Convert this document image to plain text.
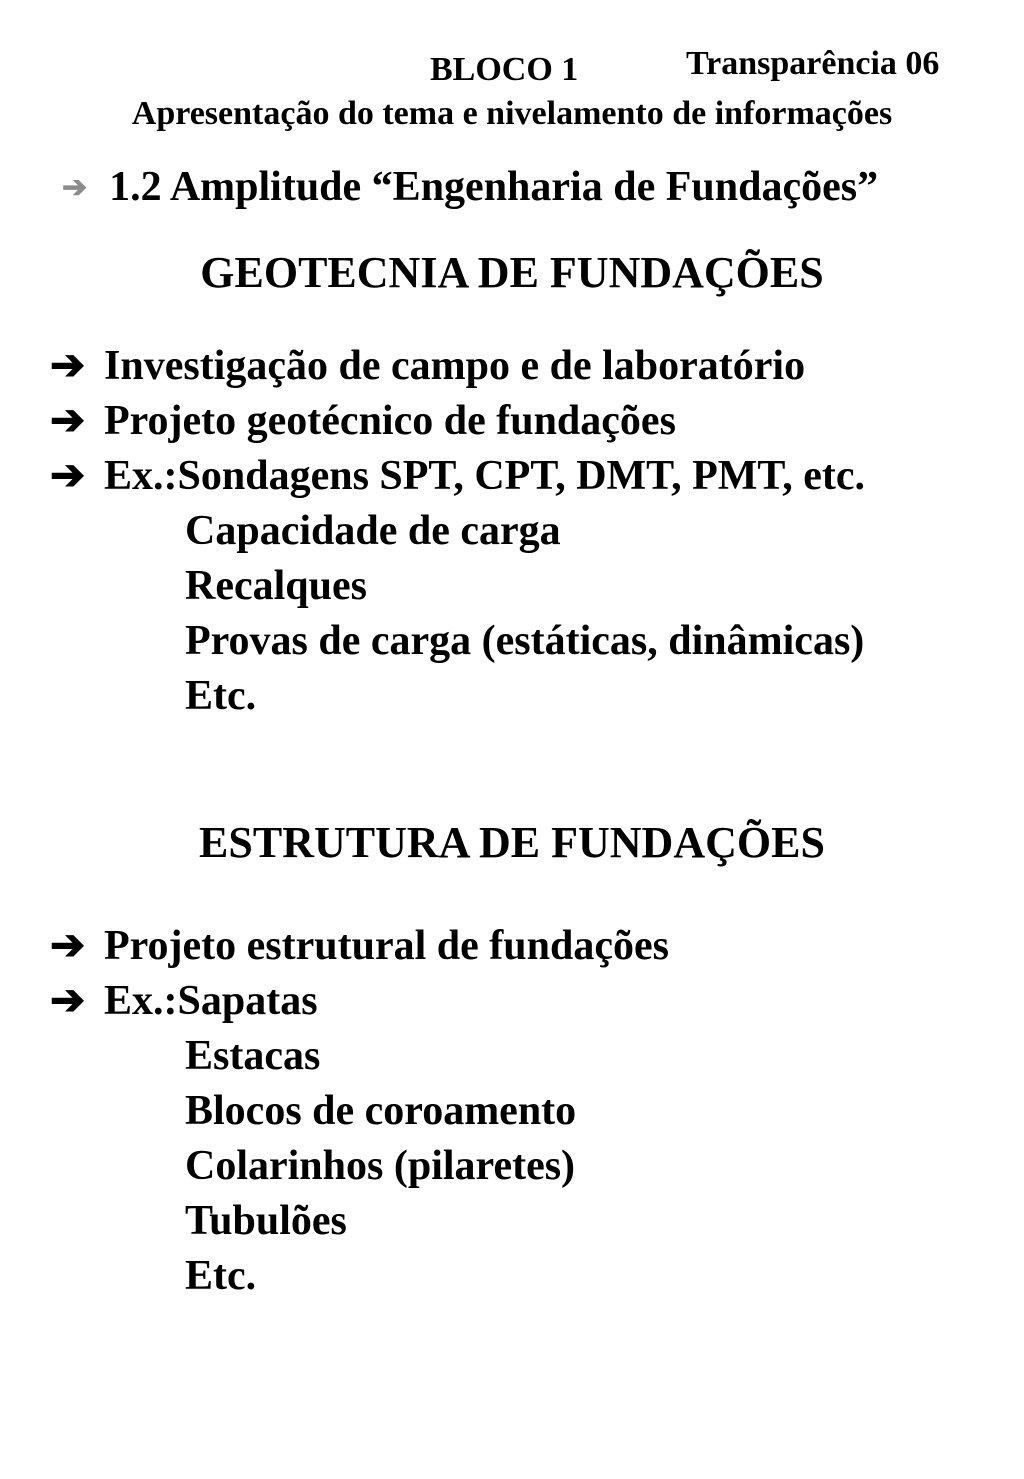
BLOCO 1	Transparência 06
Apresentação do tema e nivelamento de informações
➔ 1.2 Amplitude “Engenharia de Fundações”
GEOTECNIA DE FUNDAÇÕES
➔ Investigação de campo e de laboratório
➔ Projeto geotécnico de fundações
➔ Ex.:Sondagens SPT, CPT, DMT, PMT, etc.
Capacidade de carga
Recalques
Provas de carga (estáticas, dinâmicas)
Etc.
ESTRUTURA DE FUNDAÇÕES
➔ Projeto estrutural de fundações
➔ Ex.:Sapatas
Estacas
Blocos de coroamento
Colarinhos (pilaretes)
Tubulões
Etc.
